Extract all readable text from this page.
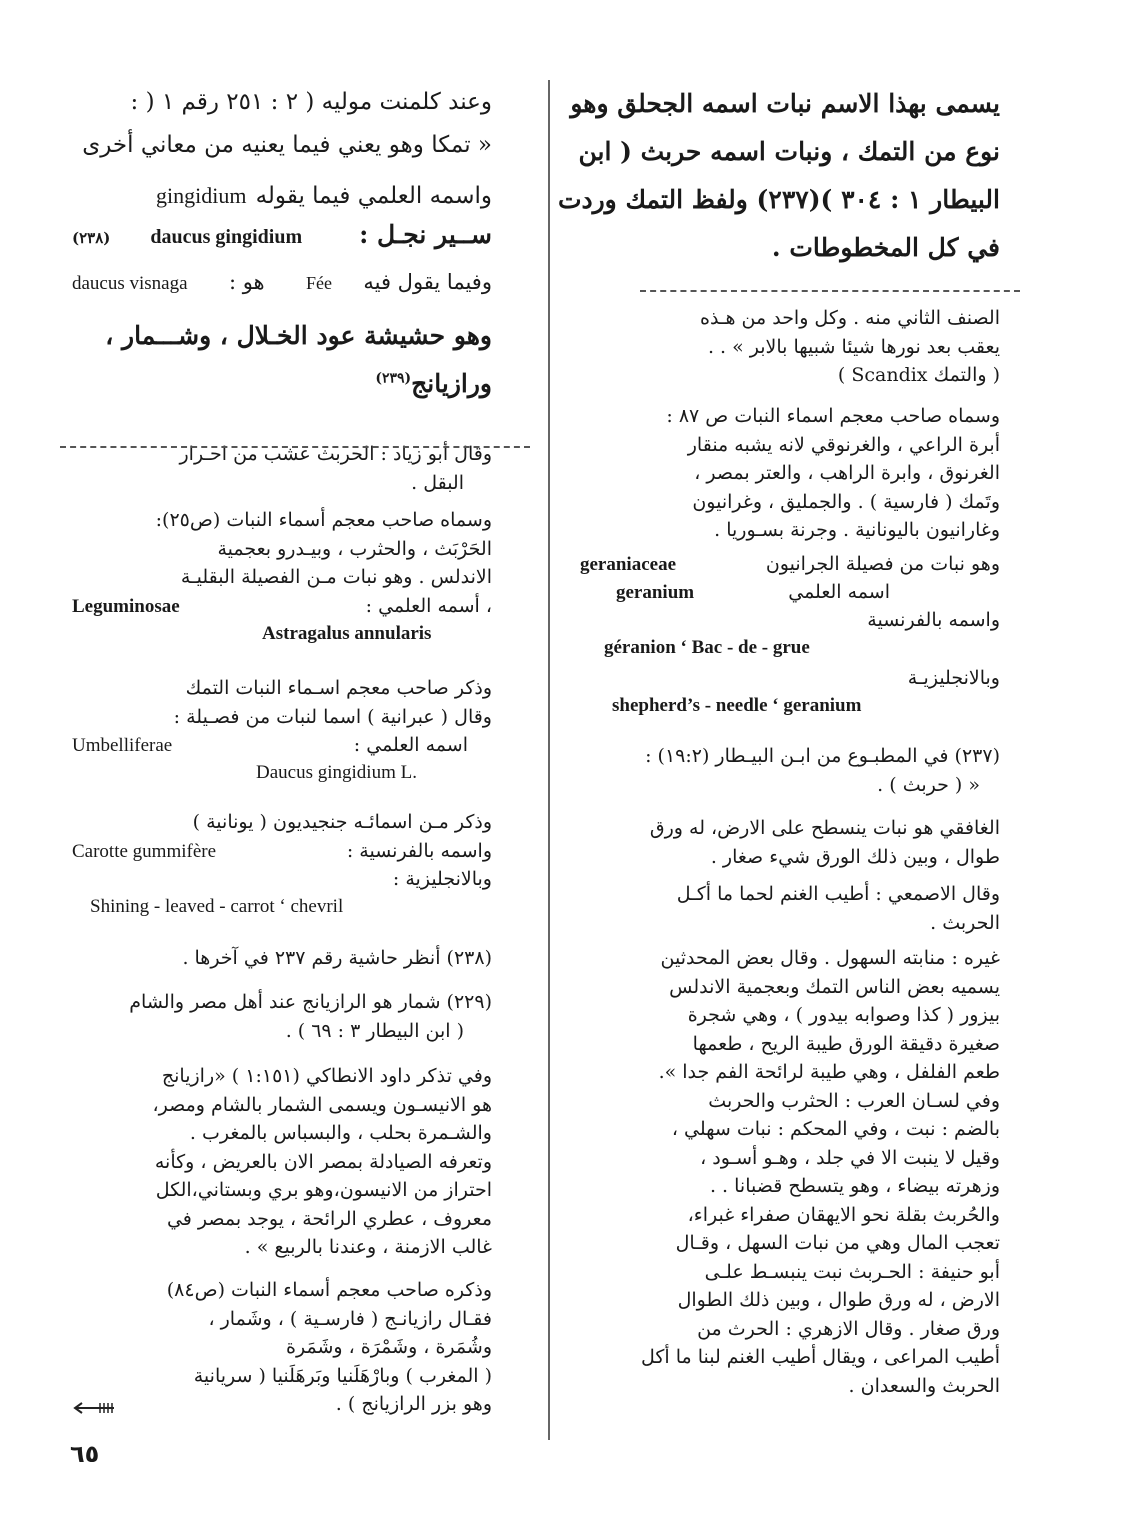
يسمى بهذا الاسم نبات اسمه الجحلق وهو
نوع من التمك ، ونبات اسمه حربث ( ابن
البيطار ١ : ٣٠٤ )(٢٣٧) ولفظ التمك وردت
في كل المخطوطات .
الصنف الثاني منه . وكل واحد من هـذه
يعقب بعد نورها شيئا شبيها بالابر » . .
( والتمك Scandix )
وسماه صاحب معجم اسماء النبات ص ٨٧ :
أبرة الراعي ، والغرنوقي لانه يشبه منقار
الغرنوق ، وابرة الراهب ، والعتر بمصر ،
وتَمك ( فارسية ) . والجمليق ، وغرانيون
وغارانيون باليونانية . وجرنة بسـوريا .
وهو نبات من فصيلة الجرانيون
geraniaceae
اسمه العلمي
geranium
واسمه بالفرنسية
géranion ‘ Bac - de - grue
وبالانجليزيـة
shepherd’s - needle ‘ geranium
(٢٣٧) في المطبـوع من ابـن البيـطار (١٩:٢) :
« ( حربث ) .
الغافقي هو نبات ينسطح على الارض، له ورق
طوال ، وبين ذلك الورق شيء صغار .
وقال الاصمعي : أطيب الغنم لحما ما أكـل
الحربث .
غيره : منابته السهول . وقال بعض المحدثين
يسميه بعض الناس التمك وبعجمية الاندلس
بيزور ( كذا وصوابه بيدور ) ، وهي شجرة
صغيرة دقيقة الورق طيبة الريح ، طعمها
طعم الفلفل ، وهي طيبة لرائحة الفم جدا ».
وفي لسـان العرب : الحثرب والحربث
بالضم : نبت ، وفي المحكم : نبات سهلي ،
وقيل لا ينبت الا في جلد ، وهـو أسـود ،
وزهرته بيضاء ، وهو يتسطح قضبانا . .
والحُربث بقلة نحو الايهقان صفراء غبراء،
تعجب المال وهي من نبات السهل ، وقـال
أبو حنيفة : الحـربث نبت ينبسـط علـى
الارض ، له ورق طوال ، وبين ذلك الطوال
ورق صغار . وقال الازهري : الحرث من
أطيب المراعى ، ويقال أطيب الغنم لبنا ما أكل
الحربث والسعدان .
وعند كلمنت موليه ( ٢ : ٢٥١ رقم ١ ( :
« تمكا وهو يعني فيما يعنيه من معاني أخرى
واسمه العلمي فيما يقوله
gingidium
ســير نجـل :
daucus gingidium
(٢٣٨)
وفيما يقول فيه
Fée
هو :
daucus visnaga
وهو حشيشة عود الخـلال ، وشـــمار ،
ورازيانج$^{(٢٣٩)}$
وقال أبو زياد : الحربث عشب من احـرار
البقل .
وسماه صاحب معجم أسماء النبات (ص٢٥):
الحَرْبَث ، والحثرب ، وبيـدرو بعجمية
الاندلس . وهو نبات مـن الفصيلة البقليـة
، أسمه العلمي :
Leguminosae
Astragalus annularis
وذكر صاحب معجم اسـماء النبات التمك
وقال ( عبرانية ) اسما لنبات من فصـيلة :
اسمه العلمي :
Umbelliferae
Daucus gingidium L.
وذكر مـن اسمائـه جنجيديون ( يونانية )
واسمه بالفرنسية :
Carotte gummifère
وبالانجليزية :
Shining - leaved - carrot ‘ chevril
(٢٣٨) أنظر حاشية رقم ٢٣٧ في آخرها .
(٢٢٩) شمار هو الرازيانج عند أهل مصر والشام
( ابن البيطار ٣ : ٦٩ ) .
وفي تذكر داود الانطاكي (١:١٥١ ) «رازيانج
هو الانيسـون ويسمى الشمار بالشام ومصر،
والشـمرة بحلب ، والبسباس بالمغرب .
وتعرفه الصيادلة بمصر الان بالعريض ، وكأنه
احتراز من الانيسون،وهو بري وبستاني،الكل
معروف ، عطري الرائحة ، يوجد بمصر في
غالب الازمنة ، وعندنا بالربيع » .
وذكره صاحب معجم أسماء النبات (ص٨٤)
فقـال رازيانـج ( فارسـية ) ، وشَمار ،
وشُمَرة ، وشَمْرَة ، وشَمَرة
( المغرب ) وبارْهَلَنيا وبَرهَلَنيا ( سريانية
وهو بزر الرازيانج ) .
٦٥
